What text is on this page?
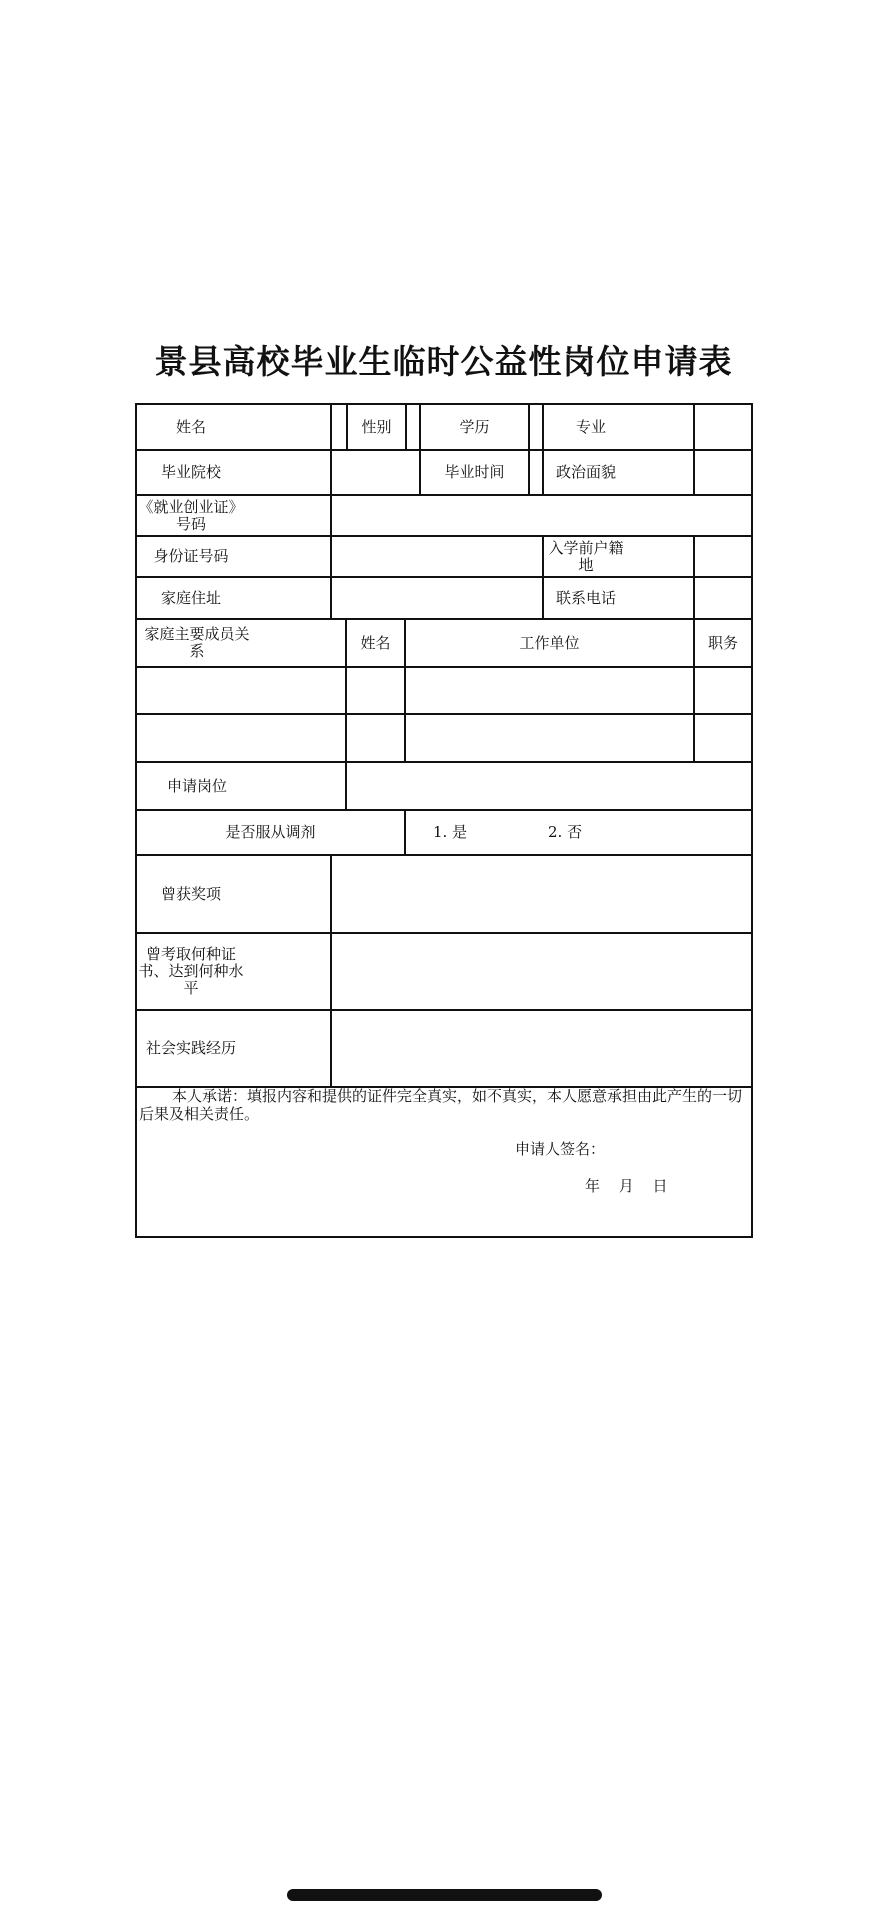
景县高校毕业生临时公益性岗位申请表
姓名	性别	学历	专业
毕业院校	毕业时间	政治面貌
《就业创业证》
号码
身份证号码	入学前户籍
地
家庭住址	联系电话
家庭主要成员关
系	姓名	工作单位	职务
申请岗位
是否服从调剂	1. 是	2. 否
曾获奖项
曾考取何种证
书、达到何种水
平
社会实践经历
本人承诺：填报内容和提供的证件完全真实，如不真实，本人愿意承担由此产生的一切后果及相关责任。
申请人签名：
年 月 日
